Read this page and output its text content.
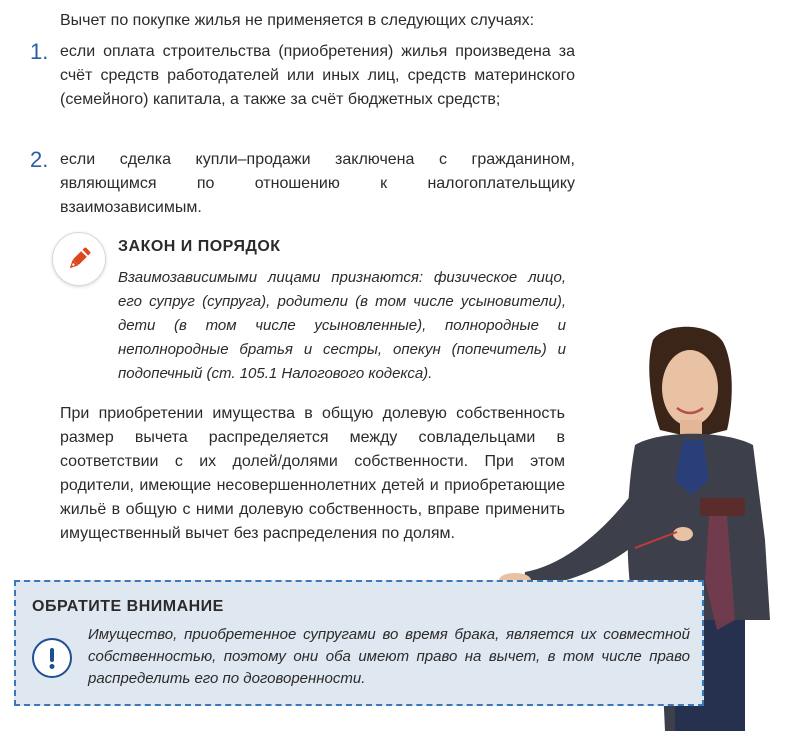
Вычет по покупке жилья не применяется в следующих случаях:
1. если оплата строительства (приобретения) жилья произведена за счёт средств работодателей или иных лиц, средств материнского (семейного) капитала, а также за счёт бюджетных средств;
2. если сделка купли–продажи заключена с гражданином, являющимся по отношению к налогоплательщику взаимозависимым.
ЗАКОН И ПОРЯДОК
Взаимозависимыми лицами признаются: физическое лицо, его супруг (супруга), родители (в том числе усыновители), дети (в том числе усыновленные), полнородные и неполнородные братья и сестры, опекун (попечитель) и подопечный (ст. 105.1 Налогового кодекса).
При приобретении имущества в общую долевую собственность размер вычета распределяется между совладельцами в соответствии с их долей/долями собственности. При этом родители, имеющие несовершеннолетних детей и приобретающие жильё в общую с ними долевую собственность, вправе применить имущественный вычет без распределения по долям.
ОБРАТИТЕ ВНИМАНИЕ
Имущество, приобретенное супругами во время брака, является их совместной собственностью, поэтому они оба имеют право на вычет, в том числе право распределить его по договоренности.
